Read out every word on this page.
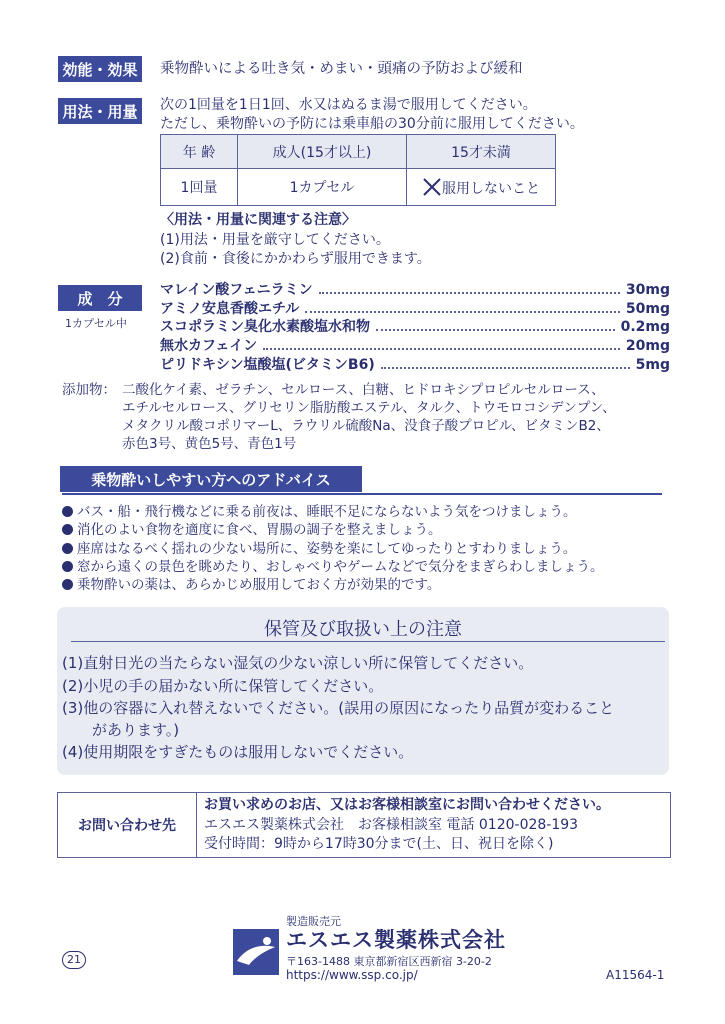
効能・効果	乗物酔いによる吐き気・めまい・頭痛の予防および緩和
用法・用量	次の1回量を1日1回、水又はぬるま湯で服用してください。
ただし、乗物酔いの予防には乗車船の30分前に服用してください。
年 齢	成人(15才以上)	15才未満
1回量	1カプセル	服用しないこと
〈用法・用量に関連する注意〉
(1)用法・用量を厳守してください。
(2)食前・食後にかかわらず服用できます。
成　分
1カプセル中
マレイン酸フェニラミン	30mg
アミノ安息香酸エチル	50mg
スコポラミン臭化水素酸塩水和物	0.2mg
無水カフェイン	20mg
ピリドキシン塩酸塩(ビタミンB6)	5mg
添加物： 二酸化ケイ素、ゼラチン、セルロース、白糖、ヒドロキシプロピルセルロース、
エチルセルロース、グリセリン脂肪酸エステル、タルク、トウモロコシデンプン、
メタクリル酸コポリマーL、ラウリル硫酸Na、没食子酸プロピル、ビタミンB2、
赤色3号、黄色5号、青色1号
乗物酔いしやすい方へのアドバイス
バス・船・飛行機などに乗る前夜は、睡眠不足にならないよう気をつけましょう。
消化のよい食物を適度に食べ、胃腸の調子を整えましょう。
座席はなるべく揺れの少ない場所に、姿勢を楽にしてゆったりとすわりましょう。
窓から遠くの景色を眺めたり、おしゃべりやゲームなどで気分をまぎらわしましょう。
乗物酔いの薬は、あらかじめ服用しておく方が効果的です。
保管及び取扱い上の注意
(1)直射日光の当たらない湿気の少ない涼しい所に保管してください。
(2)小児の手の届かない所に保管してください。
(3)他の容器に入れ替えないでください。(誤用の原因になったり品質が変わること
があります。)
(4)使用期限をすぎたものは服用しないでください。
お問い合わせ先
お買い求めのお店、又はお客様相談室にお問い合わせください。
エスエス製薬株式会社　お客様相談室 電話 0120-028-193
受付時間：9時から17時30分まで(土、日、祝日を除く)
21
製造販売元
エスエス製薬株式会社
〒163-1488 東京都新宿区西新宿 3-20-2
https://www.ssp.co.jp/	A11564-1
